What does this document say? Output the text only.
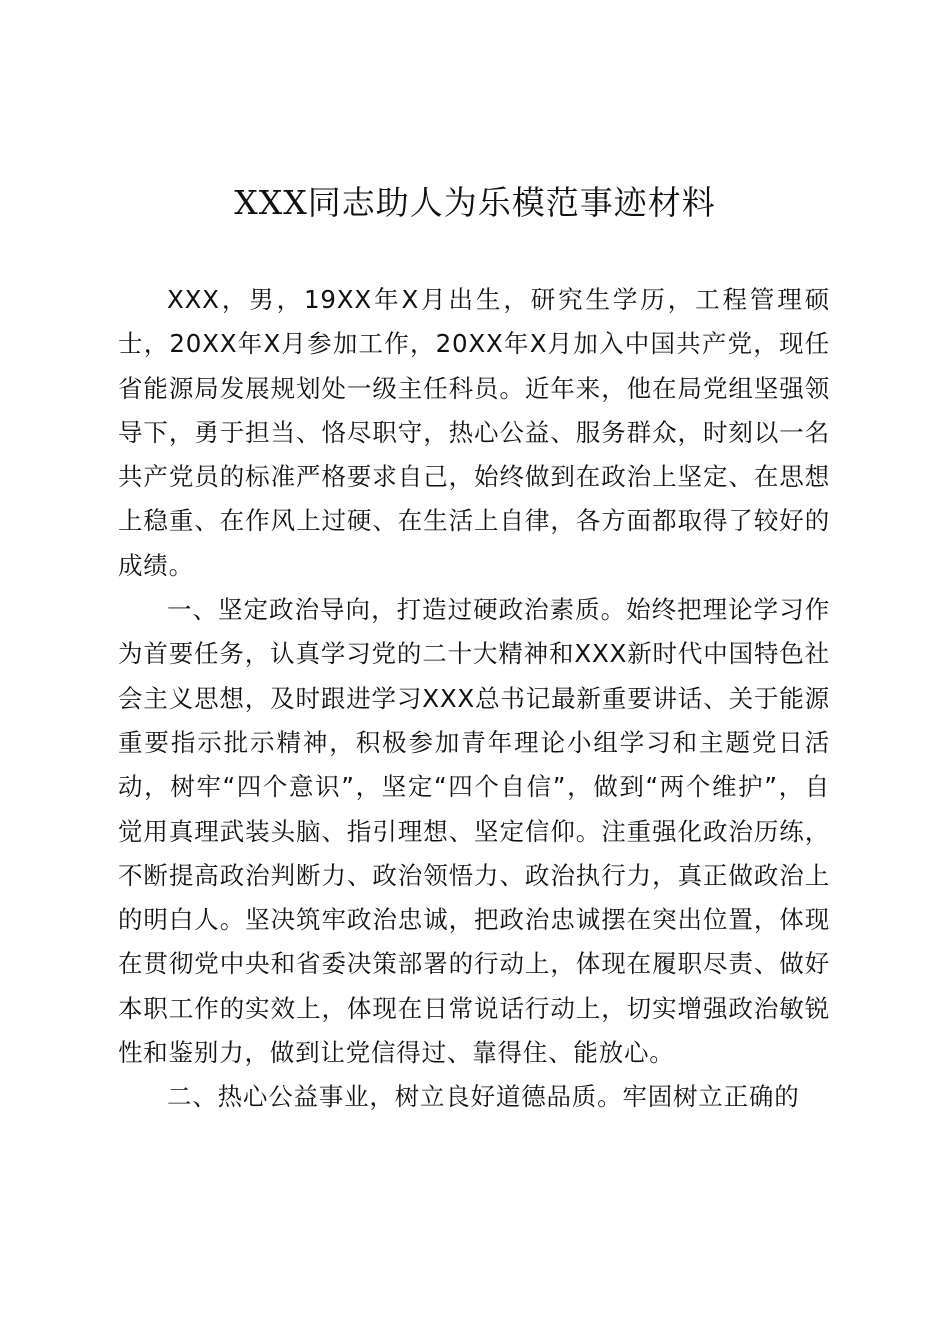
XXX同志助人为乐模范事迹材料

XXX，男，19XX年X月出生，研究生学历，工程管理硕士，20XX年X月参加工作，20XX年X月加入中国共产党，现任省能源局发展规划处一级主任科员。近年来，他在局党组坚强领导下，勇于担当、恪尽职守，热心公益、服务群众，时刻以一名共产党员的标准严格要求自己，始终做到在政治上坚定、在思想上稳重、在作风上过硬、在生活上自律，各方面都取得了较好的成绩。

一、坚定政治导向，打造过硬政治素质。始终把理论学习作为首要任务，认真学习党的二十大精神和XXX新时代中国特色社会主义思想，及时跟进学习XXX总书记最新重要讲话、关于能源重要指示批示精神，积极参加青年理论小组学习和主题党日活动，树牢“四个意识”，坚定“四个自信”，做到“两个维护”，自觉用真理武装头脑、指引理想、坚定信仰。注重强化政治历练，不断提高政治判断力、政治领悟力、政治执行力，真正做政治上的明白人。坚决筑牢政治忠诚，把政治忠诚摆在突出位置，体现在贯彻党中央和省委决策部署的行动上，体现在履职尽责、做好本职工作的实效上，体现在日常说话行动上，切实增强政治敏锐性和鉴别力，做到让党信得过、靠得住、能放心。

二、热心公益事业，树立良好道德品质。牢固树立正确的
